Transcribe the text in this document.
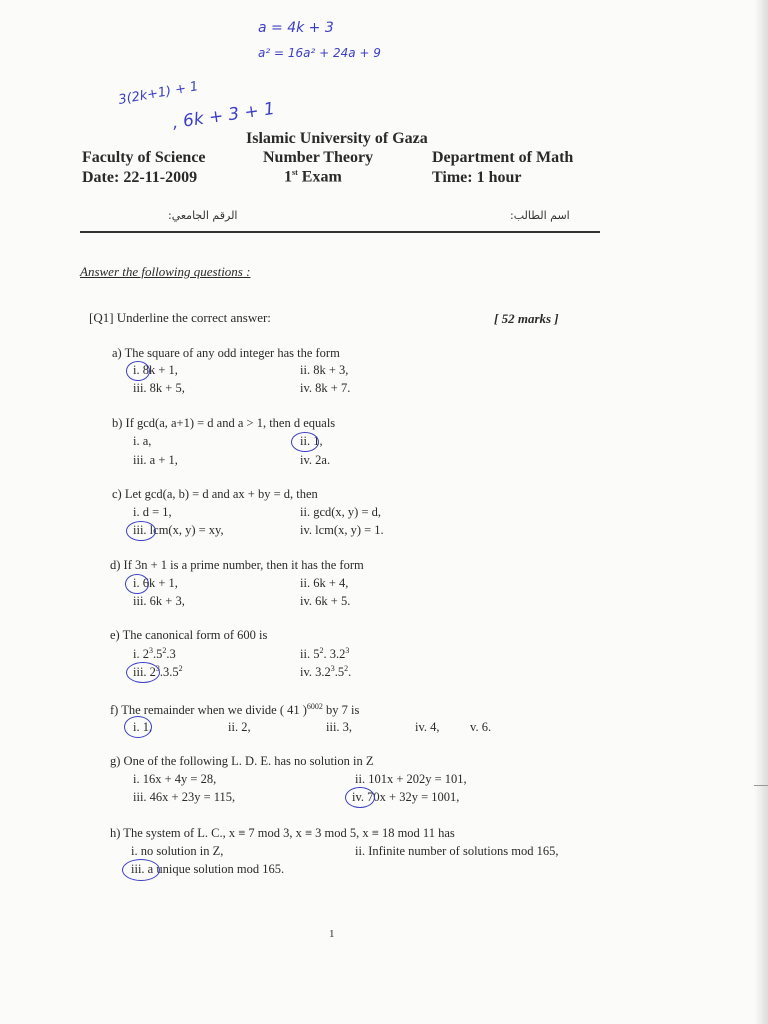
a = 4k + 3
a² = 16a² + 24a + 9
3(2k+1) + 1
, 6k + 3 + 1
Islamic University of Gaza
Faculty of Science	Number Theory	Department of Math
Date: 22-11-2009	1st Exam	Time: 1 hour
الرقم الجامعي:	اسم الطالب:
Answer the following questions :
[Q1] Underline the correct answer:	[ 52 marks ]
a) The square of any odd integer has the form
i. 8k + 1,	ii. 8k + 3,
iii. 8k + 5,	iv. 8k + 7.
b) If gcd(a, a+1) = d and a > 1, then d equals
i. a,	ii. 1,
iii. a + 1,	iv. 2a.
c) Let gcd(a, b) = d and ax + by = d, then
i. d = 1,	ii. gcd(x, y) = d,
iii. lcm(x, y) = xy,	iv. lcm(x, y) = 1.
d) If 3n + 1 is a prime number, then it has the form
i. 6k + 1,	ii. 6k + 4,
iii. 6k + 3,	iv. 6k + 5.
e) The canonical form of 600 is
i. $2^3.5^2.3$	ii. $5^2$. $3.2^3$
iii. $2^3.3.5^2$	iv. $3.2^3.5^2$.
f) The remainder when we divide ( 41 )$^{6002}$ by 7 is
i. 1,	ii. 2,	iii. 3,	iv. 4, v. 6.
g) One of the following L. D. E. has no solution in Z
i. 16x + 4y = 28,	ii. 101x + 202y = 101,
iii. 46x + 23y = 115,	iv. 70x + 32y = 1001,
h) The system of L. C., x ≡ 7 mod 3, x ≡ 3 mod 5, x ≡ 18 mod 11 has
i. no solution in Z,	ii. Infinite number of solutions mod 165,
iii. a unique solution mod 165.
1
